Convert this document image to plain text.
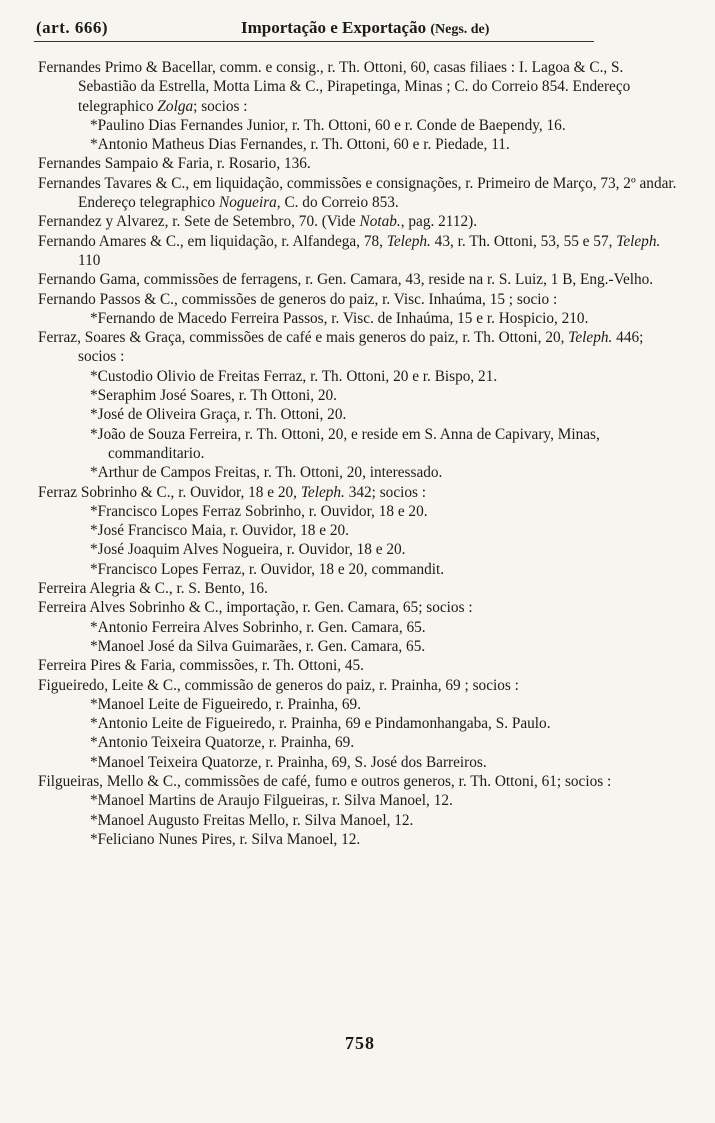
(art. 666)	Importação e Exportação (Negs. de)

Fernandes Primo & Bacellar, comm. e consig., r. Th. Ottoni, 60, casas filiaes : I. Lagoa & C., S. Sebastião da Estrella, Motta Lima & C., Pirapetinga, Minas ; C. do Correio 854. Endereço telegraphico Zolga; socios :

*Paulino Dias Fernandes Junior, r. Th. Ottoni, 60 e r. Conde de Baependy, 16.

*Antonio Matheus Dias Fernandes, r. Th. Ottoni, 60 e r. Piedade, 11.

Fernandes Sampaio & Faria, r. Rosario, 136.

Fernandes Tavares & C., em liquidação, commissões e consignações, r. Primeiro de Março, 73, 2º andar. Endereço telegraphico Nogueira, C. do Correio 853.

Fernandez y Alvarez, r. Sete de Setembro, 70. (Vide Notab., pag. 2112).

Fernando Amares & C., em liquidação, r. Alfandega, 78, Teleph. 43, r. Th. Ottoni, 53, 55 e 57, Teleph. 110

Fernando Gama, commissões de ferragens, r. Gen. Camara, 43, reside na r. S. Luiz, 1 B, Eng.-Velho.

Fernando Passos & C., commissões de generos do paiz, r. Visc. Inhaúma, 15 ; socio :

*Fernando de Macedo Ferreira Passos, r. Visc. de Inhaúma, 15 e r. Hospicio, 210.

Ferraz, Soares & Graça, commissões de café e mais generos do paiz, r. Th. Ottoni, 20, Teleph. 446; socios :

*Custodio Olivio de Freitas Ferraz, r. Th. Ottoni, 20 e r. Bispo, 21.

*Seraphim José Soares, r. Th Ottoni, 20.

*José de Oliveira Graça, r. Th. Ottoni, 20.

*João de Souza Ferreira, r. Th. Ottoni, 20, e reside em S. Anna de Capivary, Minas, commanditario.

*Arthur de Campos Freitas, r. Th. Ottoni, 20, interessado.

Ferraz Sobrinho & C., r. Ouvidor, 18 e 20, Teleph. 342; socios :

*Francisco Lopes Ferraz Sobrinho, r. Ouvidor, 18 e 20.

*José Francisco Maia, r. Ouvidor, 18 e 20.

*José Joaquim Alves Nogueira, r. Ouvidor, 18 e 20.

*Francisco Lopes Ferraz, r. Ouvidor, 18 e 20, commandit.

Ferreira Alegria & C., r. S. Bento, 16.

Ferreira Alves Sobrinho & C., importação, r. Gen. Camara, 65; socios :

*Antonio Ferreira Alves Sobrinho, r. Gen. Camara, 65.

*Manoel José da Silva Guimarães, r. Gen. Camara, 65.

Ferreira Pires & Faria, commissões, r. Th. Ottoni, 45.

Figueiredo, Leite & C., commissão de generos do paiz, r. Prainha, 69 ; socios :

*Manoel Leite de Figueiredo, r. Prainha, 69.

*Antonio Leite de Figueiredo, r. Prainha, 69 e Pindamonhangaba, S. Paulo.

*Antonio Teixeira Quatorze, r. Prainha, 69.

*Manoel Teixeira Quatorze, r. Prainha, 69, S. José dos Barreiros.

Filgueiras, Mello & C., commissões de café, fumo e outros generos, r. Th. Ottoni, 61; socios :

*Manoel Martins de Araujo Filgueiras, r. Silva Manoel, 12.

*Manoel Augusto Freitas Mello, r. Silva Manoel, 12.

*Feliciano Nunes Pires, r. Silva Manoel, 12.

758
